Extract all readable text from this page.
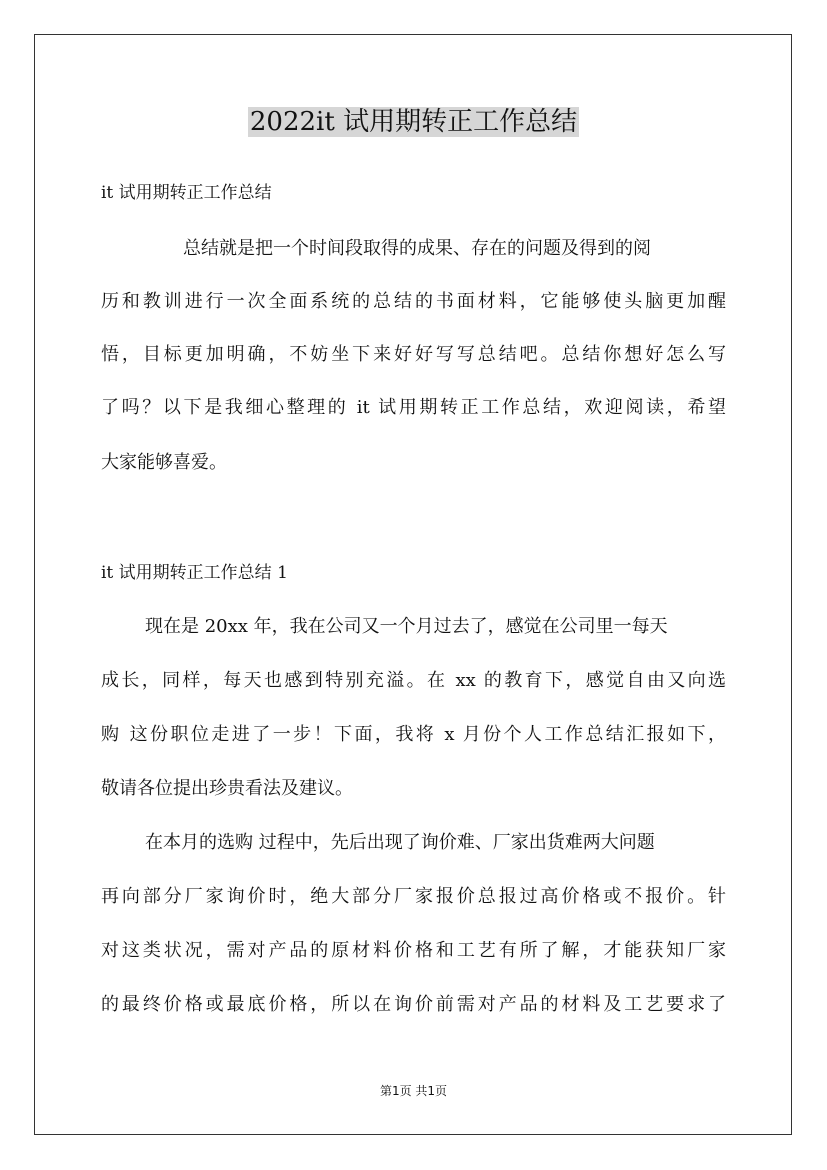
2022it 试用期转正工作总结
it 试用期转正工作总结
总结就是把一个时间段取得的成果、存在的问题及得到的阅
历和教训进行一次全面系统的总结的书面材料，它能够使头脑更加醒
悟，目标更加明确，不妨坐下来好好写写总结吧。总结你想好怎么写
了吗？以下是我细心整理的 it 试用期转正工作总结，欢迎阅读，希望
大家能够喜爱。
it 试用期转正工作总结 1
现在是 20xx 年，我在公司又一个月过去了，感觉在公司里一每天
成长，同样，每天也感到特别充溢。在 xx 的教育下，感觉自由又向选
购 这份职位走进了一步！下面，我将 x 月份个人工作总结汇报如下，
敬请各位提出珍贵看法及建议。
在本月的选购 过程中，先后出现了询价难、厂家出货难两大问题
再向部分厂家询价时，绝大部分厂家报价总报过高价格或不报价。针
对这类状况，需对产品的原材料价格和工艺有所了解，才能获知厂家
的最终价格或最底价格，所以在询价前需对产品的材料及工艺要求了
第1页 共1页
